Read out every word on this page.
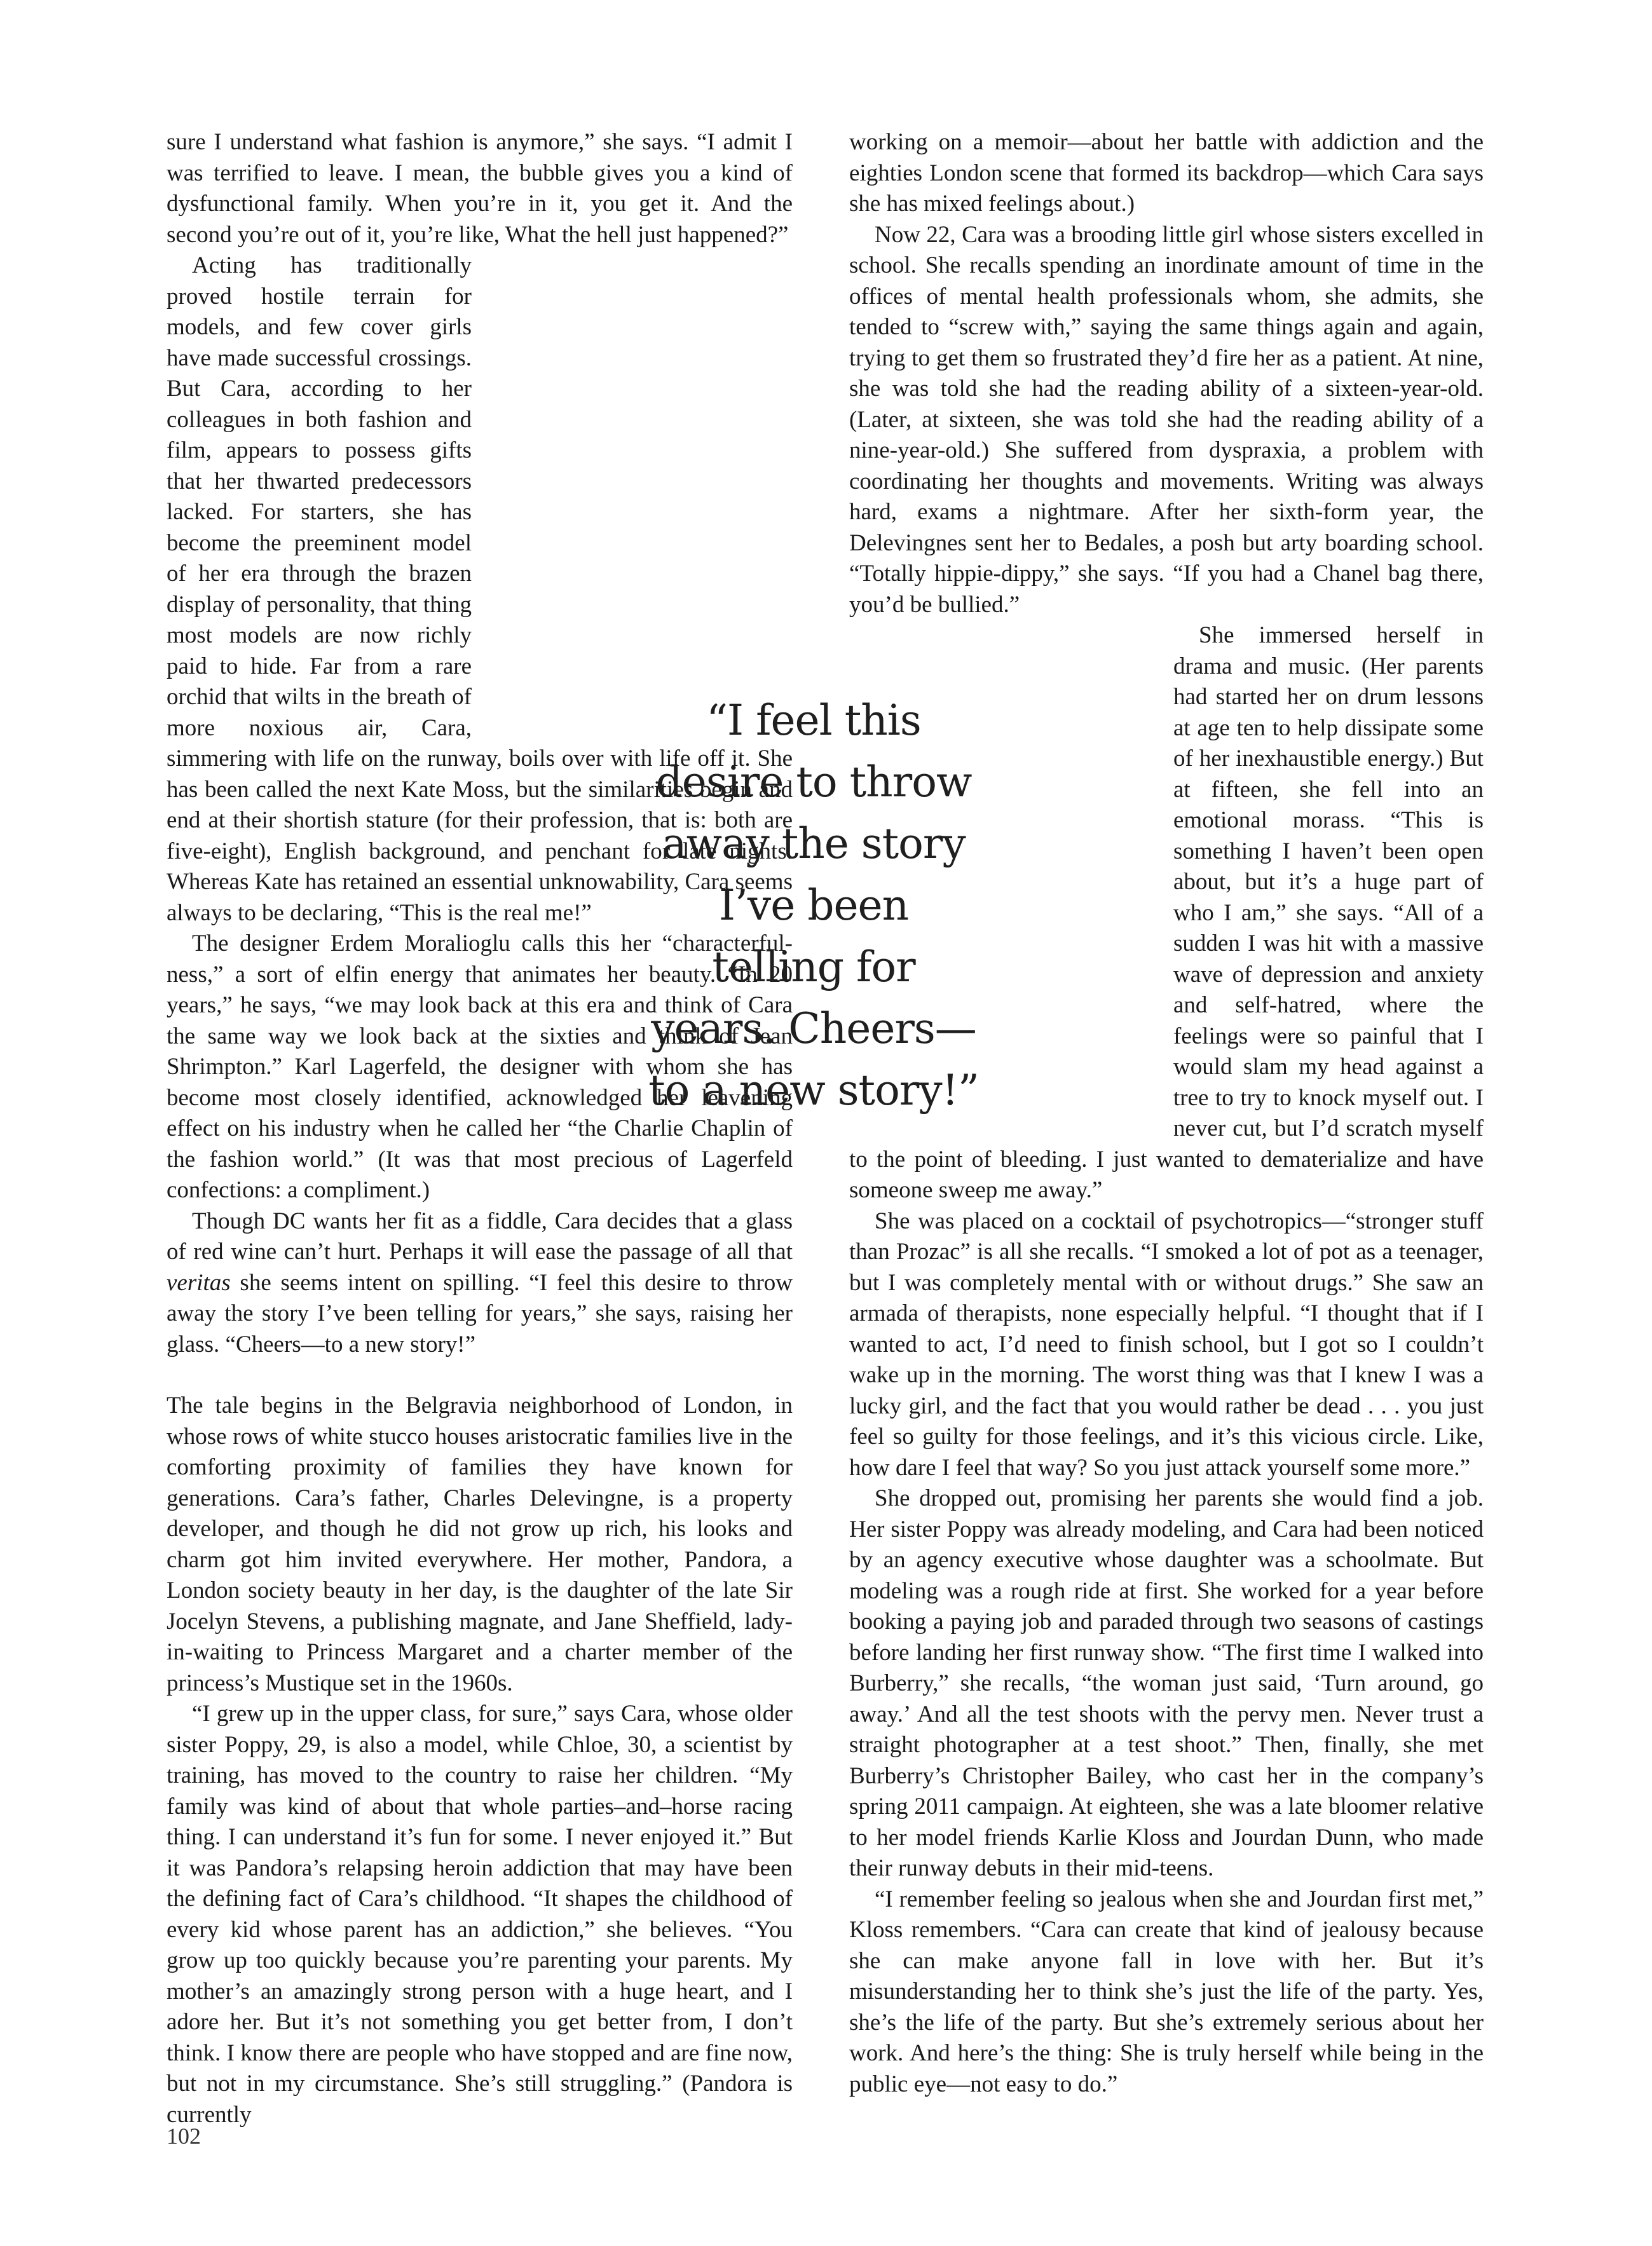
sure I understand what fashion is anymore,” she says. “I admit I was terrified to leave. I mean, the bubble gives you a kind of dysfunctional family. When you’re in it, you get it. And the second you’re out of it, you’re like, What the hell just happened?”

Acting has traditionally proved hostile terrain for models, and few cover girls have made successful crossings. But Cara, according to her colleagues in both fashion and film, appears to possess gifts that her thwarted predecessors lacked. For starters, she has become the preeminent model of her era through the brazen display of personality, that thing most models are now richly paid to hide. Far from a rare orchid that wilts in the breath of more noxious air, Cara, simmering with life on the runway, boils over with life off it. She has been called the next Kate Moss, but the similarities begin and end at their shortish stature (for their profession, that is: both are five-eight), English background, and penchant for late nights. Whereas Kate has retained an essential unknowability, Cara seems always to be declaring, “This is the real me!”

The designer Erdem Moralioglu calls this her “characterful-ness,” a sort of elfin energy that animates her beauty. “In 20 years,” he says, “we may look back at this era and think of Cara the same way we look back at the sixties and think of Jean Shrimpton.” Karl Lagerfeld, the designer with whom she has become most closely identified, acknowledged her leavening effect on his industry when he called her “the Charlie Chaplin of the fashion world.” (It was that most precious of Lagerfeld confections: a compliment.)

Though DC wants her fit as a fiddle, Cara decides that a glass of red wine can’t hurt. Perhaps it will ease the passage of all that veritas she seems intent on spilling. “I feel this desire to throw away the story I’ve been telling for years,” she says, raising her glass. “Cheers—to a new story!”

The tale begins in the Belgravia neighborhood of London, in whose rows of white stucco houses aristocratic families live in the comforting proximity of families they have known for generations. Cara’s father, Charles Delevingne, is a property developer, and though he did not grow up rich, his looks and charm got him invited everywhere. Her mother, Pandora, a London society beauty in her day, is the daughter of the late Sir Jocelyn Stevens, a publishing magnate, and Jane Sheffield, lady-in-waiting to Princess Margaret and a charter member of the princess’s Mustique set in the 1960s.

“I grew up in the upper class, for sure,” says Cara, whose older sister Poppy, 29, is also a model, while Chloe, 30, a scientist by training, has moved to the country to raise her children. “My family was kind of about that whole parties–and–horse racing thing. I can understand it’s fun for some. I never enjoyed it.” But it was Pandora’s relapsing heroin addiction that may have been the defining fact of Cara’s childhood. “It shapes the childhood of every kid whose parent has an addiction,” she believes. “You grow up too quickly because you’re parenting your parents. My mother’s an amazingly strong person with a huge heart, and I adore her. But it’s not something you get better from, I don’t think. I know there are people who have stopped and are fine now, but not in my circumstance. She’s still struggling.” (Pandora is currently

working on a memoir—about her battle with addiction and the eighties London scene that formed its backdrop—which Cara says she has mixed feelings about.)

Now 22, Cara was a brooding little girl whose sisters excelled in school. She recalls spending an inordinate amount of time in the offices of mental health professionals whom, she admits, she tended to “screw with,” saying the same things again and again, trying to get them so frustrated they’d fire her as a patient. At nine, she was told she had the reading ability of a sixteen-year-old. (Later, at sixteen, she was told she had the reading ability of a nine-year-old.) She suffered from dyspraxia, a problem with coordinating her thoughts and movements. Writing was always hard, exams a nightmare. After her sixth-form year, the Delevingnes sent her to Bedales, a posh but arty boarding school. “Totally hippie-dippy,” she says. “If you had a Chanel bag there, you’d be bullied.”

She immersed herself in drama and music. (Her parents had started her on drum lessons at age ten to help dissipate some of her inexhaustible energy.) But at fifteen, she fell into an emotional morass. “This is something I haven’t been open about, but it’s a huge part of who I am,” she says. “All of a sudden I was hit with a massive wave of depression and anxiety and self-hatred, where the feelings were so painful that I would slam my head against a tree to try to knock myself out. I never cut, but I’d scratch myself to the point of bleeding. I just wanted to dematerialize and have someone sweep me away.”

She was placed on a cocktail of psychotropics—“stronger stuff than Prozac” is all she recalls. “I smoked a lot of pot as a teenager, but I was completely mental with or without drugs.” She saw an armada of therapists, none especially helpful. “I thought that if I wanted to act, I’d need to finish school, but I got so I couldn’t wake up in the morning. The worst thing was that I knew I was a lucky girl, and the fact that you would rather be dead . . . you just feel so guilty for those feelings, and it’s this vicious circle. Like, how dare I feel that way? So you just attack yourself some more.”

She dropped out, promising her parents she would find a job. Her sister Poppy was already modeling, and Cara had been noticed by an agency executive whose daughter was a schoolmate. But modeling was a rough ride at first. She worked for a year before booking a paying job and paraded through two seasons of castings before landing her first runway show. “The first time I walked into Burberry,” she recalls, “the woman just said, ‘Turn around, go away.’ And all the test shoots with the pervy men. Never trust a straight photographer at a test shoot.” Then, finally, she met Burberry’s Christopher Bailey, who cast her in the company’s spring 2011 campaign. At eighteen, she was a late bloomer relative to her model friends Karlie Kloss and Jourdan Dunn, who made their runway debuts in their mid-teens.

“I remember feeling so jealous when she and Jourdan first met,” Kloss remembers. “Cara can create that kind of jealousy because she can make anyone fall in love with her. But it’s misunderstanding her to think she’s just the life of the party. Yes, she’s the life of the party. But she’s extremely serious about her work. And here’s the thing: She is truly herself while being in the public eye—not easy to do.”

“I feel this desire to throw away the story I’ve been telling for years. Cheers—to a new story!”
102
